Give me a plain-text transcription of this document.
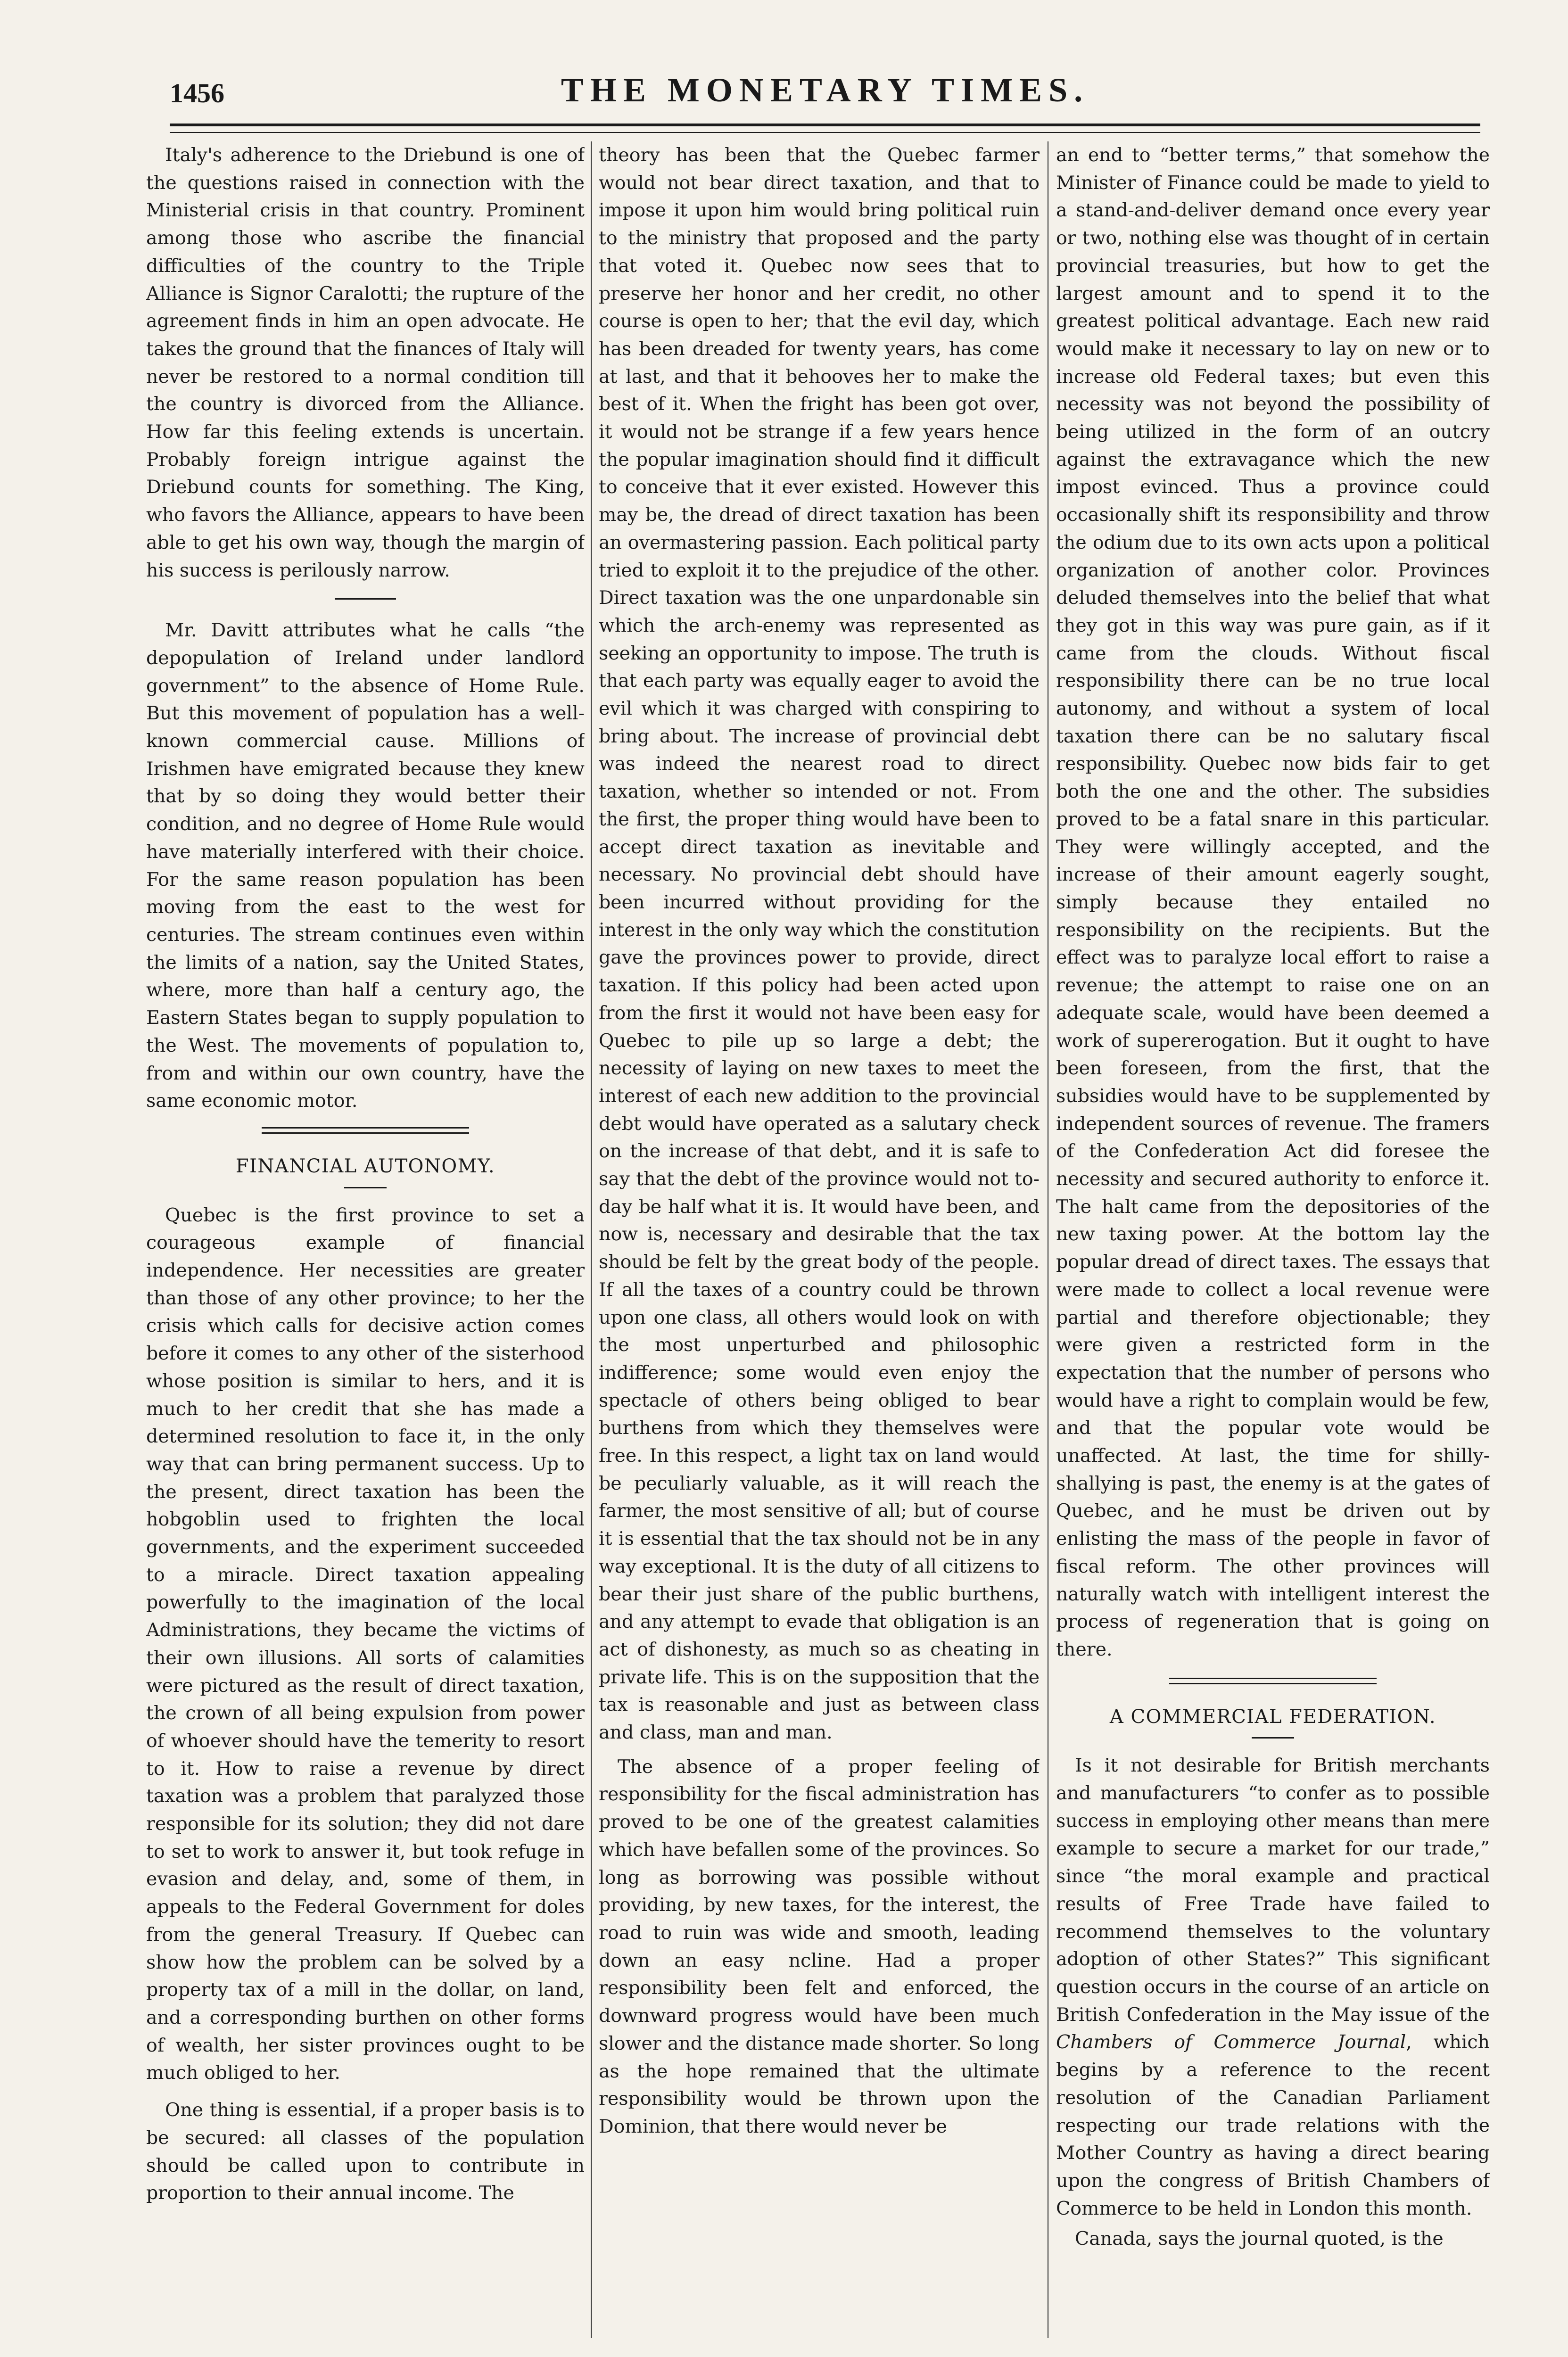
1456	THE MONETARY TIMES.

Italy's adherence to the Driebund is one of the questions raised in connection with the Ministerial crisis in that country. Prominent among those who ascribe the financial difficulties of the country to the Triple Alliance is Signor Caralotti; the rupture of the agreement finds in him an open advocate. He takes the ground that the finances of Italy will never be restored to a normal condition till the country is divorced from the Alliance. How far this feeling extends is uncertain. Probably foreign intrigue against the Driebund counts for something. The King, who favors the Alliance, appears to have been able to get his own way, though the margin of his success is perilously narrow.

Mr. Davitt attributes what he calls “the depopulation of Ireland under landlord government” to the absence of Home Rule. But this movement of population has a well-known commercial cause. Millions of Irishmen have emigrated because they knew that by so doing they would better their condition, and no degree of Home Rule would have materially interfered with their choice. For the same reason population has been moving from the east to the west for centuries. The stream continues even within the limits of a nation, say the United States, where, more than half a century ago, the Eastern States began to supply population to the West. The movements of population to, from and within our own country, have the same economic motor.

FINANCIAL AUTONOMY.

Quebec is the first province to set a courageous example of financial independence. Her necessities are greater than those of any other province; to her the crisis which calls for decisive action comes before it comes to any other of the sisterhood whose position is similar to hers, and it is much to her credit that she has made a determined resolution to face it, in the only way that can bring permanent success. Up to the present, direct taxation has been the hobgoblin used to frighten the local governments, and the experiment succeeded to a miracle. Direct taxation appealing powerfully to the imagination of the local Administrations, they became the victims of their own illusions. All sorts of calamities were pictured as the result of direct taxation, the crown of all being expulsion from power of whoever should have the temerity to resort to it. How to raise a revenue by direct taxation was a problem that paralyzed those responsible for its solution; they did not dare to set to work to answer it, but took refuge in evasion and delay, and, some of them, in appeals to the Federal Government for doles from the general Treasury. If Quebec can show how the problem can be solved by a property tax of a mill in the dollar, on land, and a corresponding burthen on other forms of wealth, her sister provinces ought to be much obliged to her.

One thing is essential, if a proper basis is to be secured: all classes of the population should be called upon to contribute in proportion to their annual income. The

theory has been that the Quebec farmer would not bear direct taxation, and that to impose it upon him would bring political ruin to the ministry that proposed and the party that voted it. Quebec now sees that to preserve her honor and her credit, no other course is open to her; that the evil day, which has been dreaded for twenty years, has come at last, and that it behooves her to make the best of it. When the fright has been got over, it would not be strange if a few years hence the popular imagination should find it difficult to conceive that it ever existed. However this may be, the dread of direct taxation has been an overmastering passion. Each political party tried to exploit it to the prejudice of the other. Direct taxation was the one unpardonable sin which the arch-enemy was represented as seeking an opportunity to impose. The truth is that each party was equally eager to avoid the evil which it was charged with conspiring to bring about. The increase of provincial debt was indeed the nearest road to direct taxation, whether so intended or not. From the first, the proper thing would have been to accept direct taxation as inevitable and necessary. No provincial debt should have been incurred without providing for the interest in the only way which the constitution gave the provinces power to provide, direct taxation. If this policy had been acted upon from the first it would not have been easy for Quebec to pile up so large a debt; the necessity of laying on new taxes to meet the interest of each new addition to the provincial debt would have operated as a salutary check on the increase of that debt, and it is safe to say that the debt of the province would not to-day be half what it is. It would have been, and now is, necessary and desirable that the tax should be felt by the great body of the people. If all the taxes of a country could be thrown upon one class, all others would look on with the most unperturbed and philosophic indifference; some would even enjoy the spectacle of others being obliged to bear burthens from which they themselves were free. In this respect, a light tax on land would be peculiarly valuable, as it will reach the farmer, the most sensitive of all; but of course it is essential that the tax should not be in any way exceptional. It is the duty of all citizens to bear their just share of the public burthens, and any attempt to evade that obligation is an act of dishonesty, as much so as cheating in private life. This is on the supposition that the tax is reasonable and just as between class and class, man and man.

The absence of a proper feeling of responsibility for the fiscal administration has proved to be one of the greatest calamities which have befallen some of the provinces. So long as borrowing was possible without providing, by new taxes, for the interest, the road to ruin was wide and smooth, leading down an easy ncline. Had a proper responsibility been felt and enforced, the downward progress would have been much slower and the distance made shorter. So long as the hope remained that the ultimate responsibility would be thrown upon the Dominion, that there would never be

an end to “better terms,” that somehow the Minister of Finance could be made to yield to a stand-and-deliver demand once every year or two, nothing else was thought of in certain provincial treasuries, but how to get the largest amount and to spend it to the greatest political advantage. Each new raid would make it necessary to lay on new or to increase old Federal taxes; but even this necessity was not beyond the possibility of being utilized in the form of an outcry against the extravagance which the new impost evinced. Thus a province could occasionally shift its responsibility and throw the odium due to its own acts upon a political organization of another color. Provinces deluded themselves into the belief that what they got in this way was pure gain, as if it came from the clouds. Without fiscal responsibility there can be no true local autonomy, and without a system of local taxation there can be no salutary fiscal responsibility. Quebec now bids fair to get both the one and the other. The subsidies proved to be a fatal snare in this particular. They were willingly accepted, and the increase of their amount eagerly sought, simply because they entailed no responsibility on the recipients. But the effect was to paralyze local effort to raise a revenue; the attempt to raise one on an adequate scale, would have been deemed a work of supererogation. But it ought to have been foreseen, from the first, that the subsidies would have to be supplemented by independent sources of revenue. The framers of the Confederation Act did foresee the necessity and secured authority to enforce it. The halt came from the depositories of the new taxing power. At the bottom lay the popular dread of direct taxes. The essays that were made to collect a local revenue were partial and therefore objectionable; they were given a restricted form in the expectation that the number of persons who would have a right to complain would be few, and that the popular vote would be unaffected. At last, the time for shilly-shallying is past, the enemy is at the gates of Quebec, and he must be driven out by enlisting the mass of the people in favor of fiscal reform. The other provinces will naturally watch with intelligent interest the process of regeneration that is going on there.

A COMMERCIAL FEDERATION.

Is it not desirable for British merchants and manufacturers “to confer as to possible success in employing other means than mere example to secure a market for our trade,” since “the moral example and practical results of Free Trade have failed to recommend themselves to the voluntary adoption of other States?” This significant question occurs in the course of an article on British Confederation in the May issue of the Chambers of Commerce Journal, which begins by a reference to the recent resolution of the Canadian Parliament respecting our trade relations with the Mother Country as having a direct bearing upon the congress of British Chambers of Commerce to be held in London this month.

Canada, says the journal quoted, is the
